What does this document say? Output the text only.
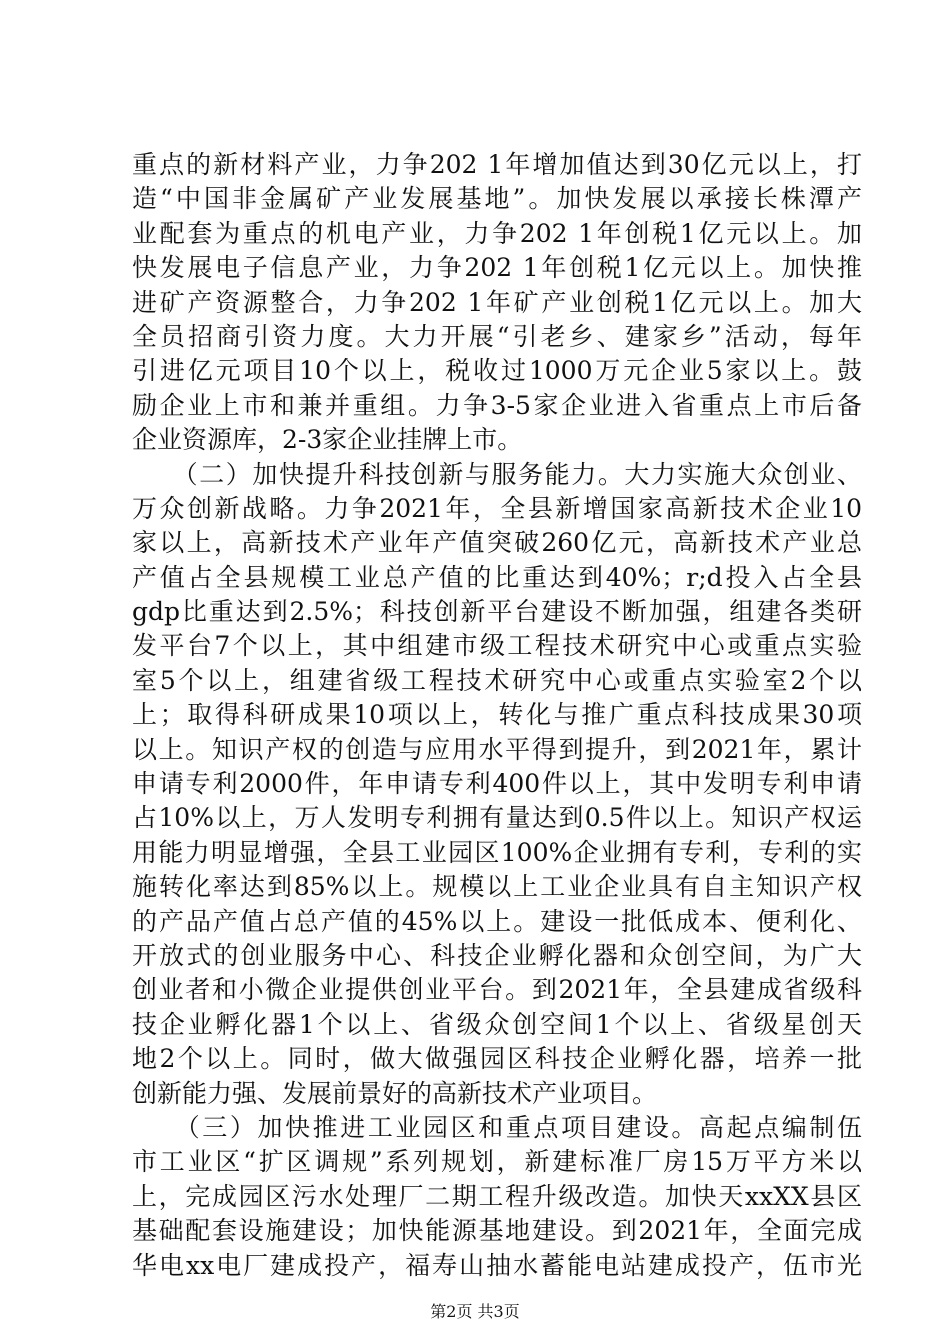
重点的新材料产业，力争202 1年增加值达到30亿元以上，打
造“中国非金属矿产业发展基地”。加快发展以承接长株潭产
业配套为重点的机电产业，力争202 1年创税1亿元以上。加
快发展电子信息产业，力争202 1年创税1亿元以上。加快推
进矿产资源整合，力争202 1年矿产业创税1亿元以上。加大
全员招商引资力度。大力开展“引老乡、建家乡”活动，每年
引进亿元项目10个以上，税收过1000万元企业5家以上。鼓
励企业上市和兼并重组。力争3-5家企业进入省重点上市后备
企业资源库，2-3家企业挂牌上市。
　　（二）加快提升科技创新与服务能力。大力实施大众创业、
万众创新战略。力争2021年，全县新增国家高新技术企业10
家以上，高新技术产业年产值突破260亿元，高新技术产业总
产值占全县规模工业总产值的比重达到40%；r;d投入占全县
gdp比重达到2.5%；科技创新平台建设不断加强，组建各类研
发平台7个以上，其中组建市级工程技术研究中心或重点实验
室5个以上，组建省级工程技术研究中心或重点实验室2个以
上；取得科研成果10项以上，转化与推广重点科技成果30项
以上。知识产权的创造与应用水平得到提升，到2021年，累计
申请专利2000件，年申请专利400件以上，其中发明专利申请
占10%以上，万人发明专利拥有量达到0.5件以上。知识产权运
用能力明显增强，全县工业园区100%企业拥有专利，专利的实
施转化率达到85%以上。规模以上工业企业具有自主知识产权
的产品产值占总产值的45%以上。建设一批低成本、便利化、
开放式的创业服务中心、科技企业孵化器和众创空间，为广大
创业者和小微企业提供创业平台。到2021年，全县建成省级科
技企业孵化器1个以上、省级众创空间1个以上、省级星创天
地2个以上。同时，做大做强园区科技企业孵化器，培养一批
创新能力强、发展前景好的高新技术产业项目。
　　（三）加快推进工业园区和重点项目建设。高起点编制伍
市工业区“扩区调规”系列规划，新建标准厂房15万平方米以
上，完成园区污水处理厂二期工程升级改造。加快天xxXX县区
基础配套设施建设；加快能源基地建设。到2021年，全面完成
华电xx电厂建成投产，福寿山抽水蓄能电站建成投产，伍市光
第2页 共3页
